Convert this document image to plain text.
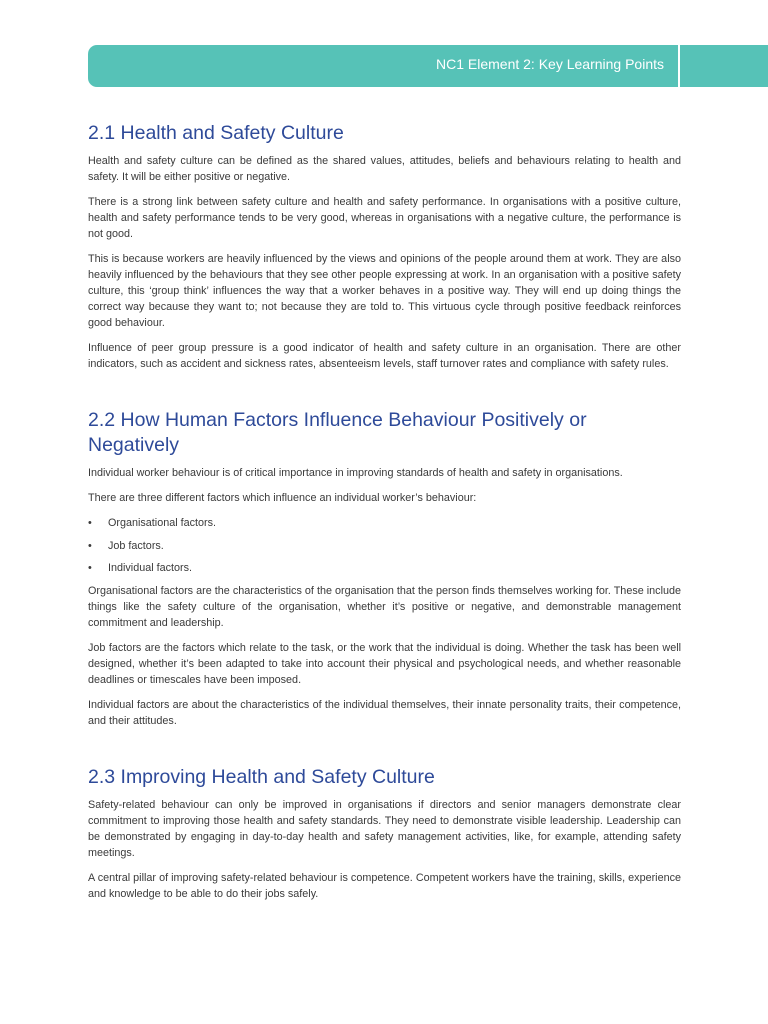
NC1 Element 2: Key Learning Points
2.1 Health and Safety Culture

Health and safety culture can be defined as the shared values, attitudes, beliefs and behaviours relating to health and safety. It will be either positive or negative.

There is a strong link between safety culture and health and safety performance. In organisations with a positive culture, health and safety performance tends to be very good, whereas in organisations with a negative culture, the performance is not good.

This is because workers are heavily influenced by the views and opinions of the people around them at work. They are also heavily influenced by the behaviours that they see other people expressing at work. In an organisation with a positive safety culture, this ‘group think’ influences the way that a worker behaves in a positive way. They will end up doing things the correct way because they want to; not because they are told to. This virtuous cycle through positive feedback reinforces good behaviour.

Influence of peer group pressure is a good indicator of health and safety culture in an organisation. There are other indicators, such as accident and sickness rates, absenteeism levels, staff turnover rates and compliance with safety rules.

2.2 How Human Factors Influence Behaviour Positively or Negatively

Individual worker behaviour is of critical importance in improving standards of health and safety in organisations.

There are three different factors which influence an individual worker’s behaviour:

• Organisational factors.
• Job factors.
• Individual factors.

Organisational factors are the characteristics of the organisation that the person finds themselves working for. These include things like the safety culture of the organisation, whether it’s positive or negative, and demonstrable management commitment and leadership.

Job factors are the factors which relate to the task, or the work that the individual is doing. Whether the task has been well designed, whether it’s been adapted to take into account their physical and psychological needs, and whether reasonable deadlines or timescales have been imposed.

Individual factors are about the characteristics of the individual themselves, their innate personality traits, their competence, and their attitudes.

2.3 Improving Health and Safety Culture

Safety-related behaviour can only be improved in organisations if directors and senior managers demonstrate clear commitment to improving those health and safety standards. They need to demonstrate visible leadership. Leadership can be demonstrated by engaging in day-to-day health and safety management activities, like, for example, attending safety meetings.

A central pillar of improving safety-related behaviour is competence. Competent workers have the training, skills, experience and knowledge to be able to do their jobs safely.
